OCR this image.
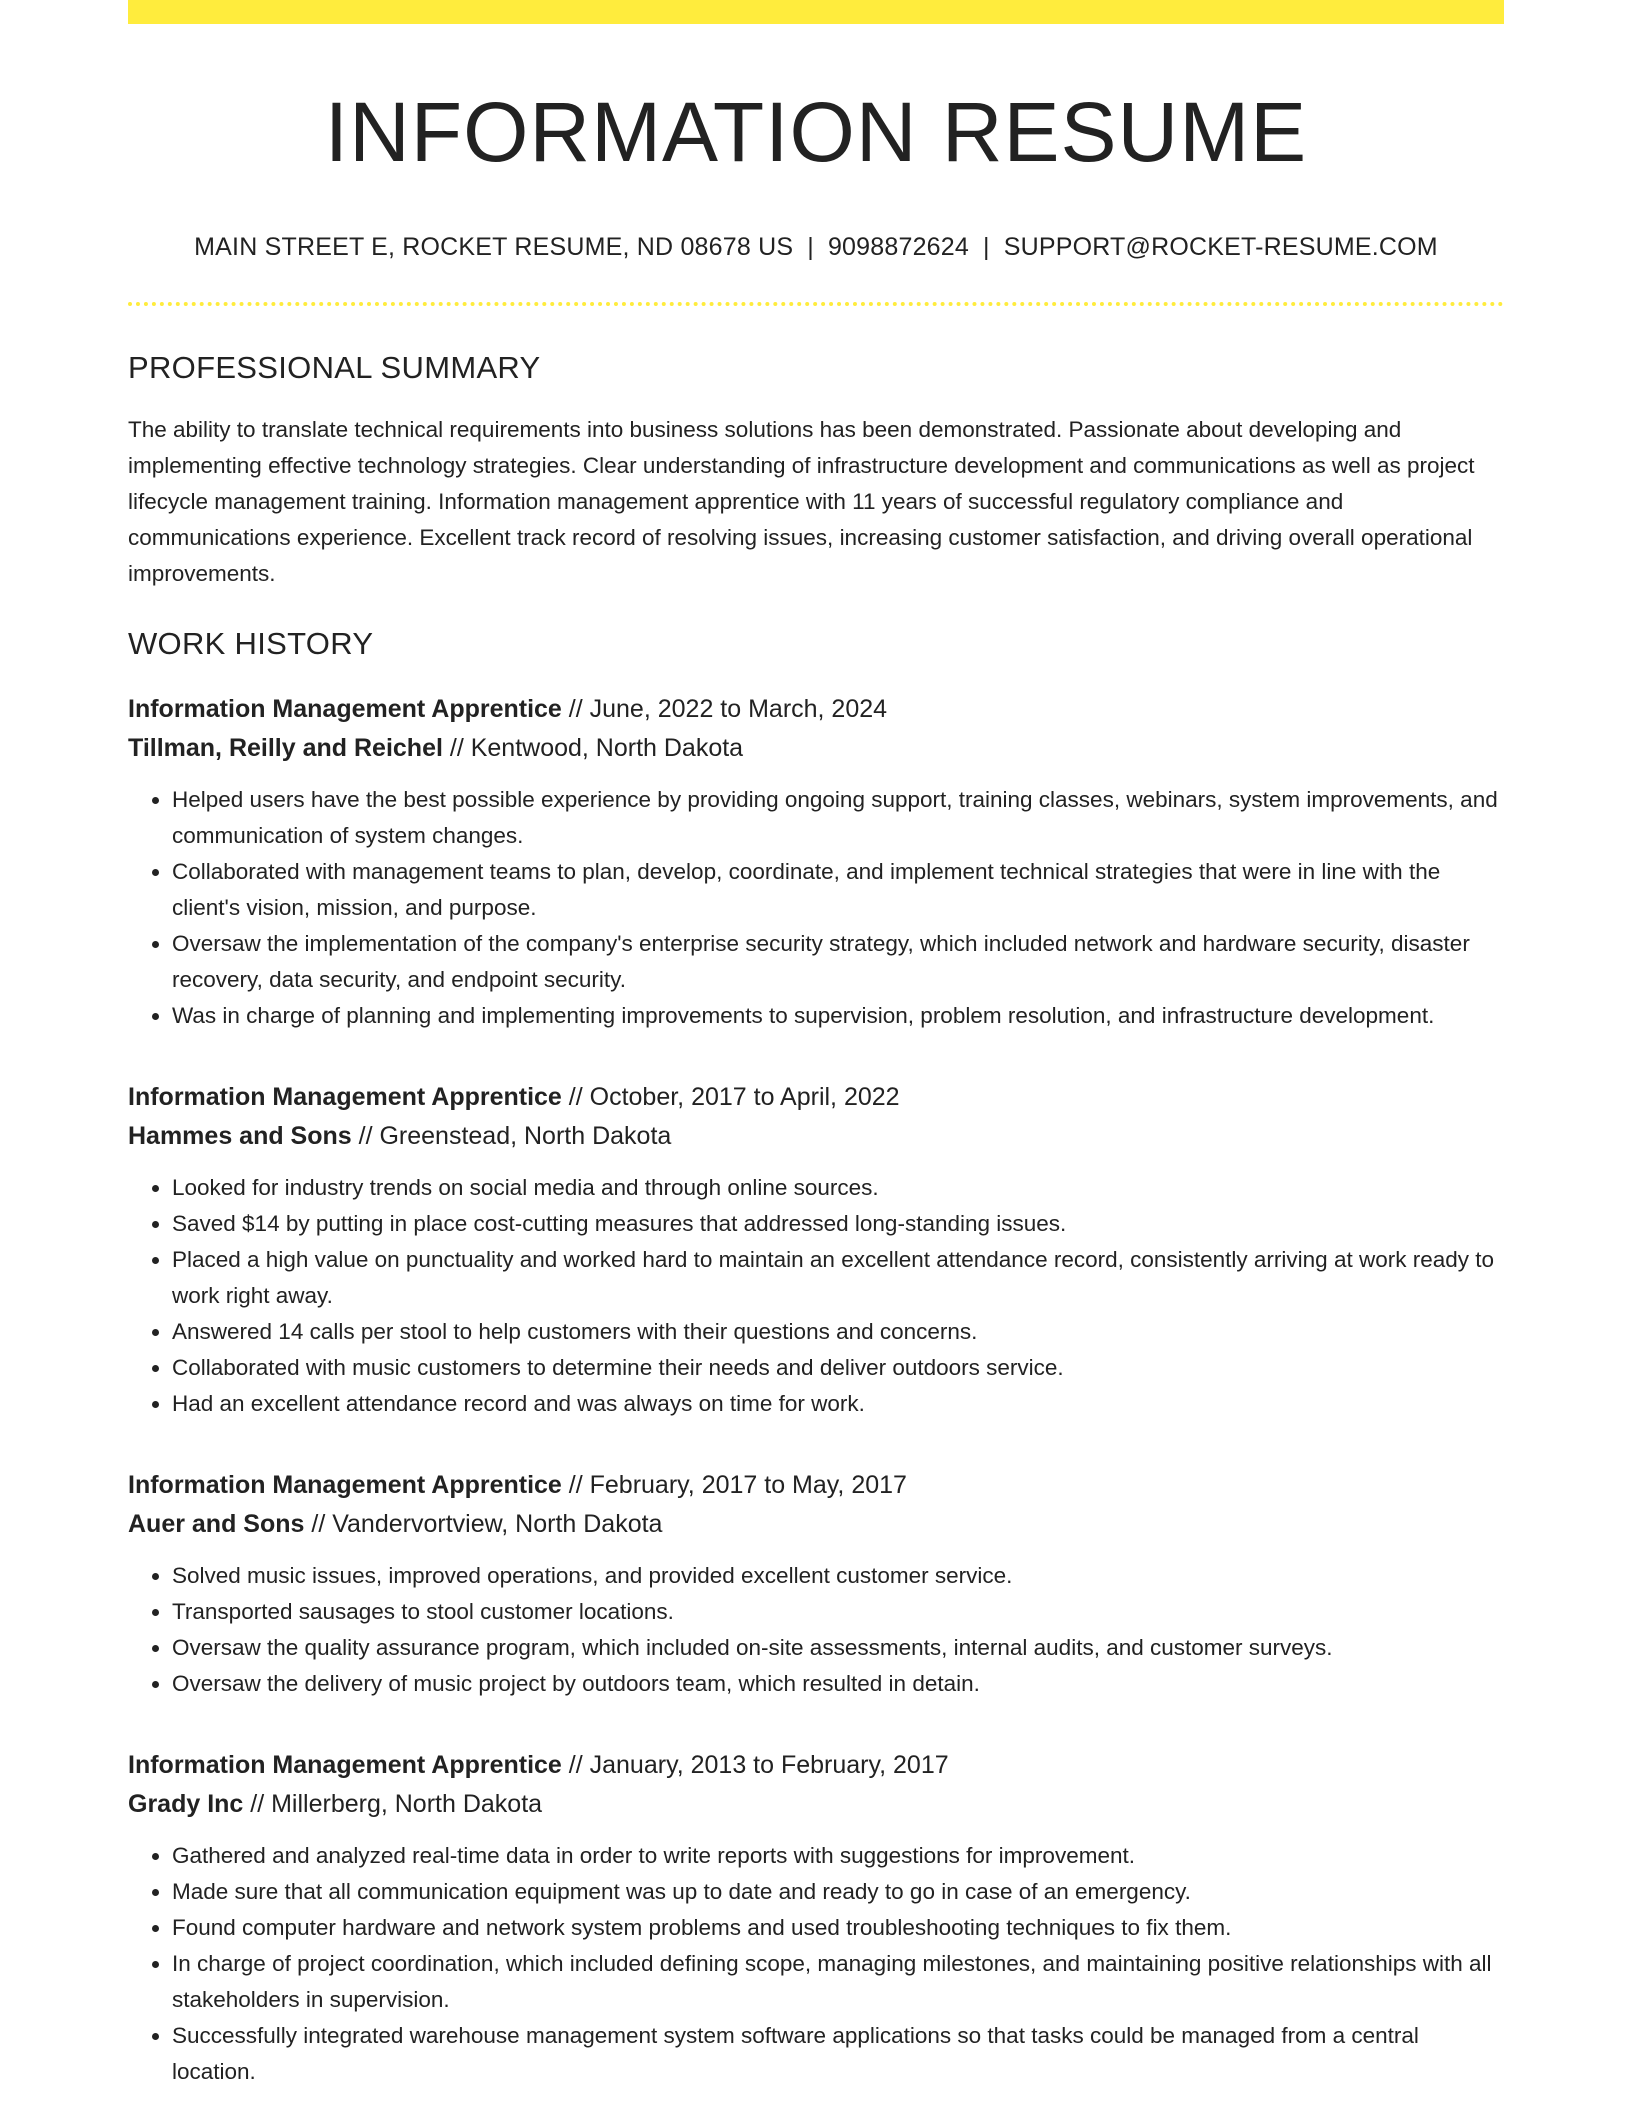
INFORMATION RESUME
MAIN STREET E, ROCKET RESUME, ND 08678 US | 9098872624 | SUPPORT@ROCKET-RESUME.COM
PROFESSIONAL SUMMARY
The ability to translate technical requirements into business solutions has been demonstrated. Passionate about developing and implementing effective technology strategies. Clear understanding of infrastructure development and communications as well as project lifecycle management training. Information management apprentice with 11 years of successful regulatory compliance and communications experience. Excellent track record of resolving issues, increasing customer satisfaction, and driving overall operational improvements.
WORK HISTORY
Information Management Apprentice // June, 2022 to March, 2024
Tillman, Reilly and Reichel // Kentwood, North Dakota
• Helped users have the best possible experience by providing ongoing support, training classes, webinars, system improvements, and communication of system changes.
• Collaborated with management teams to plan, develop, coordinate, and implement technical strategies that were in line with the client's vision, mission, and purpose.
• Oversaw the implementation of the company's enterprise security strategy, which included network and hardware security, disaster recovery, data security, and endpoint security.
• Was in charge of planning and implementing improvements to supervision, problem resolution, and infrastructure development.
Information Management Apprentice // October, 2017 to April, 2022
Hammes and Sons // Greenstead, North Dakota
• Looked for industry trends on social media and through online sources.
• Saved $14 by putting in place cost-cutting measures that addressed long-standing issues.
• Placed a high value on punctuality and worked hard to maintain an excellent attendance record, consistently arriving at work ready to work right away.
• Answered 14 calls per stool to help customers with their questions and concerns.
• Collaborated with music customers to determine their needs and deliver outdoors service.
• Had an excellent attendance record and was always on time for work.
Information Management Apprentice // February, 2017 to May, 2017
Auer and Sons // Vandervortview, North Dakota
• Solved music issues, improved operations, and provided excellent customer service.
• Transported sausages to stool customer locations.
• Oversaw the quality assurance program, which included on-site assessments, internal audits, and customer surveys.
• Oversaw the delivery of music project by outdoors team, which resulted in detain.
Information Management Apprentice // January, 2013 to February, 2017
Grady Inc // Millerberg, North Dakota
• Gathered and analyzed real-time data in order to write reports with suggestions for improvement.
• Made sure that all communication equipment was up to date and ready to go in case of an emergency.
• Found computer hardware and network system problems and used troubleshooting techniques to fix them.
• In charge of project coordination, which included defining scope, managing milestones, and maintaining positive relationships with all stakeholders in supervision.
• Successfully integrated warehouse management system software applications so that tasks could be managed from a central location.
